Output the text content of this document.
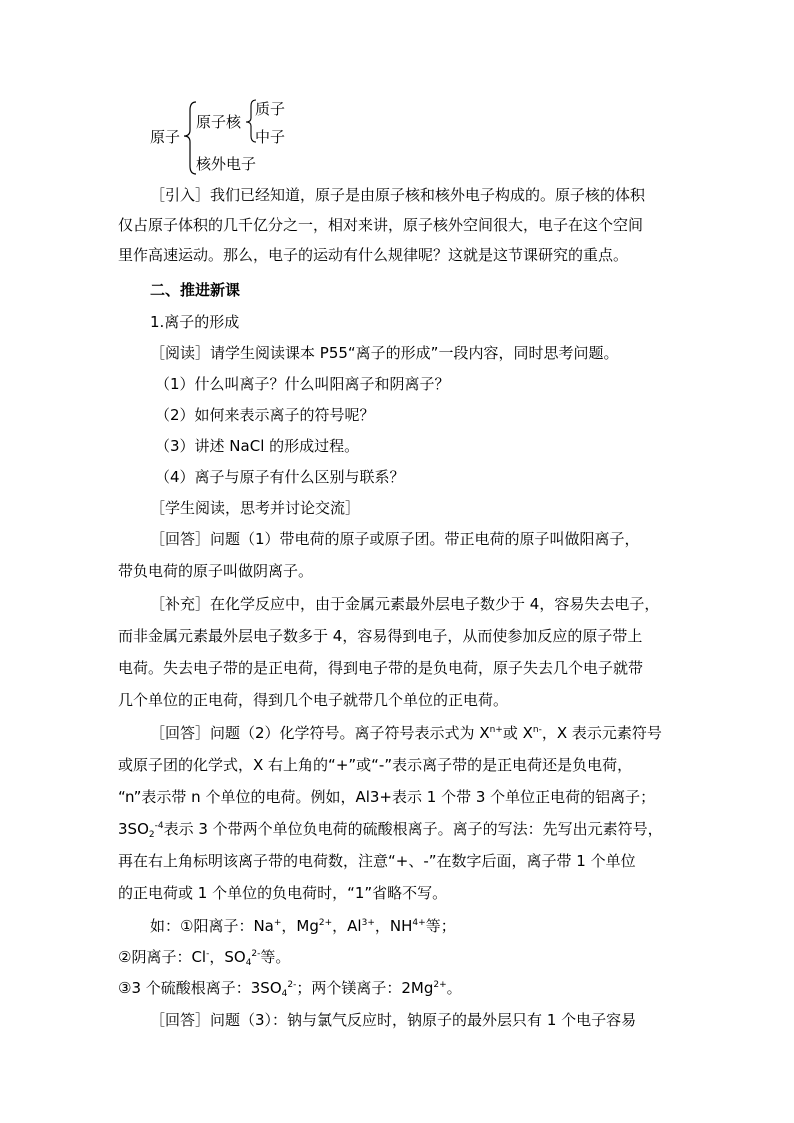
原子
原子核
质子
中子
核外电子
［引入］我们已经知道，原子是由原子核和核外电子构成的。原子核的体积
仅占原子体积的几千亿分之一，相对来讲，原子核外空间很大，电子在这个空间
里作高速运动。那么，电子的运动有什么规律呢？这就是这节课研究的重点。
二、推进新课
1.离子的形成
［阅读］请学生阅读课本 P55“离子的形成”一段内容，同时思考问题。
（1）什么叫离子？什么叫阳离子和阴离子？
（2）如何来表示离子的符号呢？
（3）讲述 NaCl 的形成过程。
（4）离子与原子有什么区别与联系？
［学生阅读，思考并讨论交流］
［回答］问题（1）带电荷的原子或原子团。带正电荷的原子叫做阳离子，
带负电荷的原子叫做阴离子。
［补充］在化学反应中，由于金属元素最外层电子数少于 4，容易失去电子，
而非金属元素最外层电子数多于 4，容易得到电子，从而使参加反应的原子带上
电荷。失去电子带的是正电荷，得到电子带的是负电荷，原子失去几个电子就带
几个单位的正电荷，得到几个电子就带几个单位的正电荷。
［回答］问题（2）化学符号。离子符号表示式为 $X^{n+}$或 $X^{n-}$，X 表示元素符号
或原子团的化学式，X 右上角的“+”或“-”表示离子带的是正电荷还是负电荷，
“n”表示带 n 个单位的电荷。例如，Al3+表示 1 个带 3 个单位正电荷的铝离子；
$3SO_2^{-4}$表示 3 个带两个单位负电荷的硫酸根离子。离子的写法：先写出元素符号，
再在右上角标明该离子带的电荷数，注意“+、-”在数字后面，离子带 1 个单位
的正电荷或 1 个单位的负电荷时，“1”省略不写。
如：①阳离子：Na+，$Mg^{2+}$，$Al^{3+}$，$NH^{4+}$等；
②阴离子：Cl-，$SO_4^{2-}$等。
③3 个硫酸根离子：$3SO_4^{2-}$；两个镁离子：$2Mg^{2+}$。
［回答］问题（3）：钠与氯气反应时，钠原子的最外层只有 1 个电子容易
